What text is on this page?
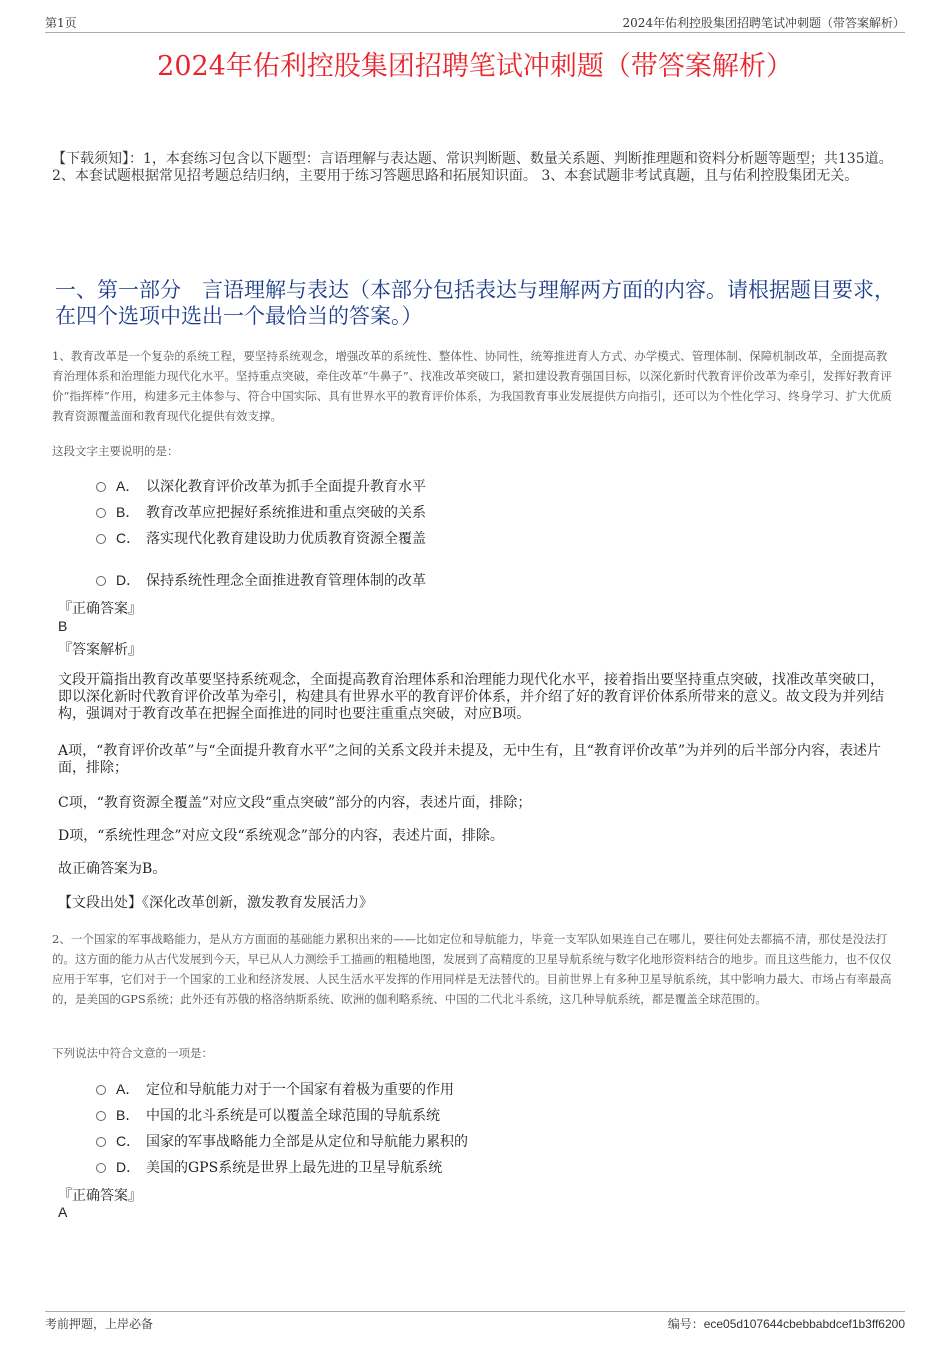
第1页	2024年佑利控股集团招聘笔试冲刺题（带答案解析）
2024年佑利控股集团招聘笔试冲刺题（带答案解析）
【下载须知】：1，本套练习包含以下题型：言语理解与表达题、常识判断题、数量关系题、判断推理题和资料分析题等题型；共135道。 2、本套试题根据常见招考题总结归纳，主要用于练习答题思路和拓展知识面。 3、本套试题非考试真题，且与佑利控股集团无关。
一、第一部分　言语理解与表达（本部分包括表达与理解两方面的内容。请根据题目要求，在四个选项中选出一个最恰当的答案。）
1、教育改革是一个复杂的系统工程，要坚持系统观念，增强改革的系统性、整体性、协同性，统筹推进育人方式、办学模式、管理体制、保障机制改革，全面提高教育治理体系和治理能力现代化水平。坚持重点突破，牵住改革“牛鼻子”、找准改革突破口，紧扣建设教育强国目标，以深化新时代教育评价改革为牵引，发挥好教育评价“指挥棒”作用，构建多元主体参与、符合中国实际、具有世界水平的教育评价体系，为我国教育事业发展提供方向指引，还可以为个性化学习、终身学习、扩大优质教育资源覆盖面和教育现代化提供有效支撑。
这段文字主要说明的是：
A． 以深化教育评价改革为抓手全面提升教育水平
B． 教育改革应把握好系统推进和重点突破的关系
C． 落实现代化教育建设助力优质教育资源全覆盖
D． 保持系统性理念全面推进教育管理体制的改革
『正确答案』
B
『答案解析』
文段开篇指出教育改革要坚持系统观念，全面提高教育治理体系和治理能力现代化水平，接着指出要坚持重点突破，找准改革突破口，即以深化新时代教育评价改革为牵引，构建具有世界水平的教育评价体系，并介绍了好的教育评价体系所带来的意义。故文段为并列结构，强调对于教育改革在把握全面推进的同时也要注重重点突破，对应B项。
A项，“教育评价改革”与“全面提升教育水平”之间的关系文段并未提及，无中生有，且“教育评价改革”为并列的后半部分内容，表述片面，排除；
C项，“教育资源全覆盖”对应文段“重点突破”部分的内容，表述片面，排除；
D项，“系统性理念”对应文段“系统观念”部分的内容，表述片面，排除。
故正确答案为B。
【文段出处】《深化改革创新，激发教育发展活力》
2、一个国家的军事战略能力，是从方方面面的基础能力累积出来的——比如定位和导航能力，毕竟一支军队如果连自己在哪儿，要往何处去都搞不清，那仗是没法打的。这方面的能力从古代发展到今天，早已从人力测绘手工描画的粗糙地图，发展到了高精度的卫星导航系统与数字化地形资料结合的地步。而且这些能力，也不仅仅应用于军事，它们对于一个国家的工业和经济发展、人民生活水平发挥的作用同样是无法替代的。目前世界上有多种卫星导航系统，其中影响力最大、市场占有率最高的，是美国的GPS系统；此外还有苏俄的格洛纳斯系统、欧洲的伽利略系统、中国的二代北斗系统，这几种导航系统，都是覆盖全球范围的。
下列说法中符合文意的一项是：
A． 定位和导航能力对于一个国家有着极为重要的作用
B． 中国的北斗系统是可以覆盖全球范围的导航系统
C． 国家的军事战略能力全部是从定位和导航能力累积的
D． 美国的GPS系统是世界上最先进的卫星导航系统
『正确答案』
A
考前押题，上岸必备	编号：ece05d107644cbebbabdcef1b3ff6200
